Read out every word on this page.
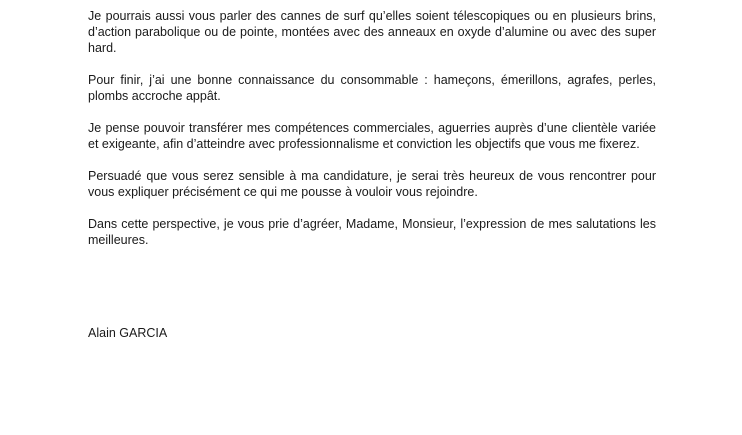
Je pourrais aussi vous parler des cannes de surf qu’elles soient télescopiques ou en plusieurs brins, d’action parabolique ou de pointe, montées avec des anneaux en oxyde d’alumine ou avec des super hard.

Pour finir, j’ai une bonne connaissance du consommable : hameçons, émerillons, agrafes, perles, plombs accroche appât.

Je pense pouvoir transférer mes compétences commerciales, aguerries auprès d’une clientèle variée et exigeante, afin d’atteindre avec professionnalisme et conviction les objectifs que vous me fixerez.

Persuadé que vous serez sensible à ma candidature, je serai très heureux de vous rencontrer pour vous expliquer précisément ce qui me pousse à vouloir vous rejoindre.

Dans cette perspective, je vous prie d’agréer, Madame, Monsieur, l’expression de mes salutations les meilleures.

Alain GARCIA
